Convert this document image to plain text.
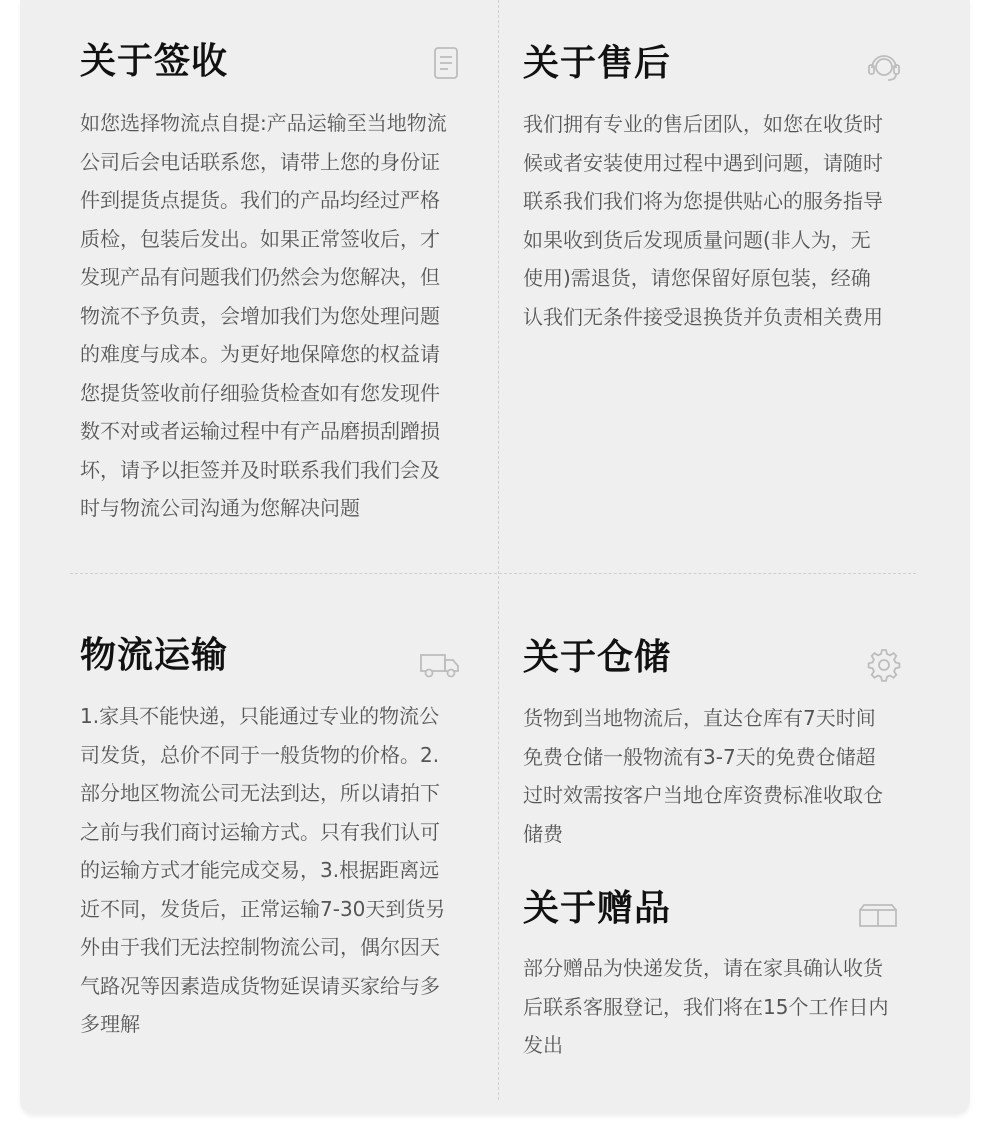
关于签收

如您选择物流点自提:产品运输至当地物流
公司后会电话联系您，请带上您的身份证
件到提货点提货。我们的产品均经过严格
质检，包装后发出。如果正常签收后，才
发现产品有问题我们仍然会为您解决，但
物流不予负责，会增加我们为您处理问题
的难度与成本。为更好地保障您的权益请
您提货签收前仔细验货检查如有您发现件
数不对或者运输过程中有产品磨损刮蹭损
坏，请予以拒签并及时联系我们我们会及
时与物流公司沟通为您解决问题

关于售后

我们拥有专业的售后团队，如您在收货时
候或者安装使用过程中遇到问题，请随时
联系我们我们将为您提供贴心的服务指导
如果收到货后发现质量问题(非人为，无
使用)需退货，请您保留好原包装，经确
认我们无条件接受退换货并负责相关费用

物流运输

1.家具不能快递，只能通过专业的物流公
司发货，总价不同于一般货物的价格。2.
部分地区物流公司无法到达，所以请拍下
之前与我们商讨运输方式。只有我们认可
的运输方式才能完成交易，3.根据距离远
近不同，发货后，正常运输7-30天到货另
外由于我们无法控制物流公司，偶尔因天
气路况等因素造成货物延误请买家给与多
多理解

关于仓储

货物到当地物流后，直达仓库有7天时间
免费仓储一般物流有3-7天的免费仓储超
过时效需按客户当地仓库资费标准收取仓
储费

关于赠品

部分赠品为快递发货，请在家具确认收货
后联系客服登记，我们将在15个工作日内
发出
